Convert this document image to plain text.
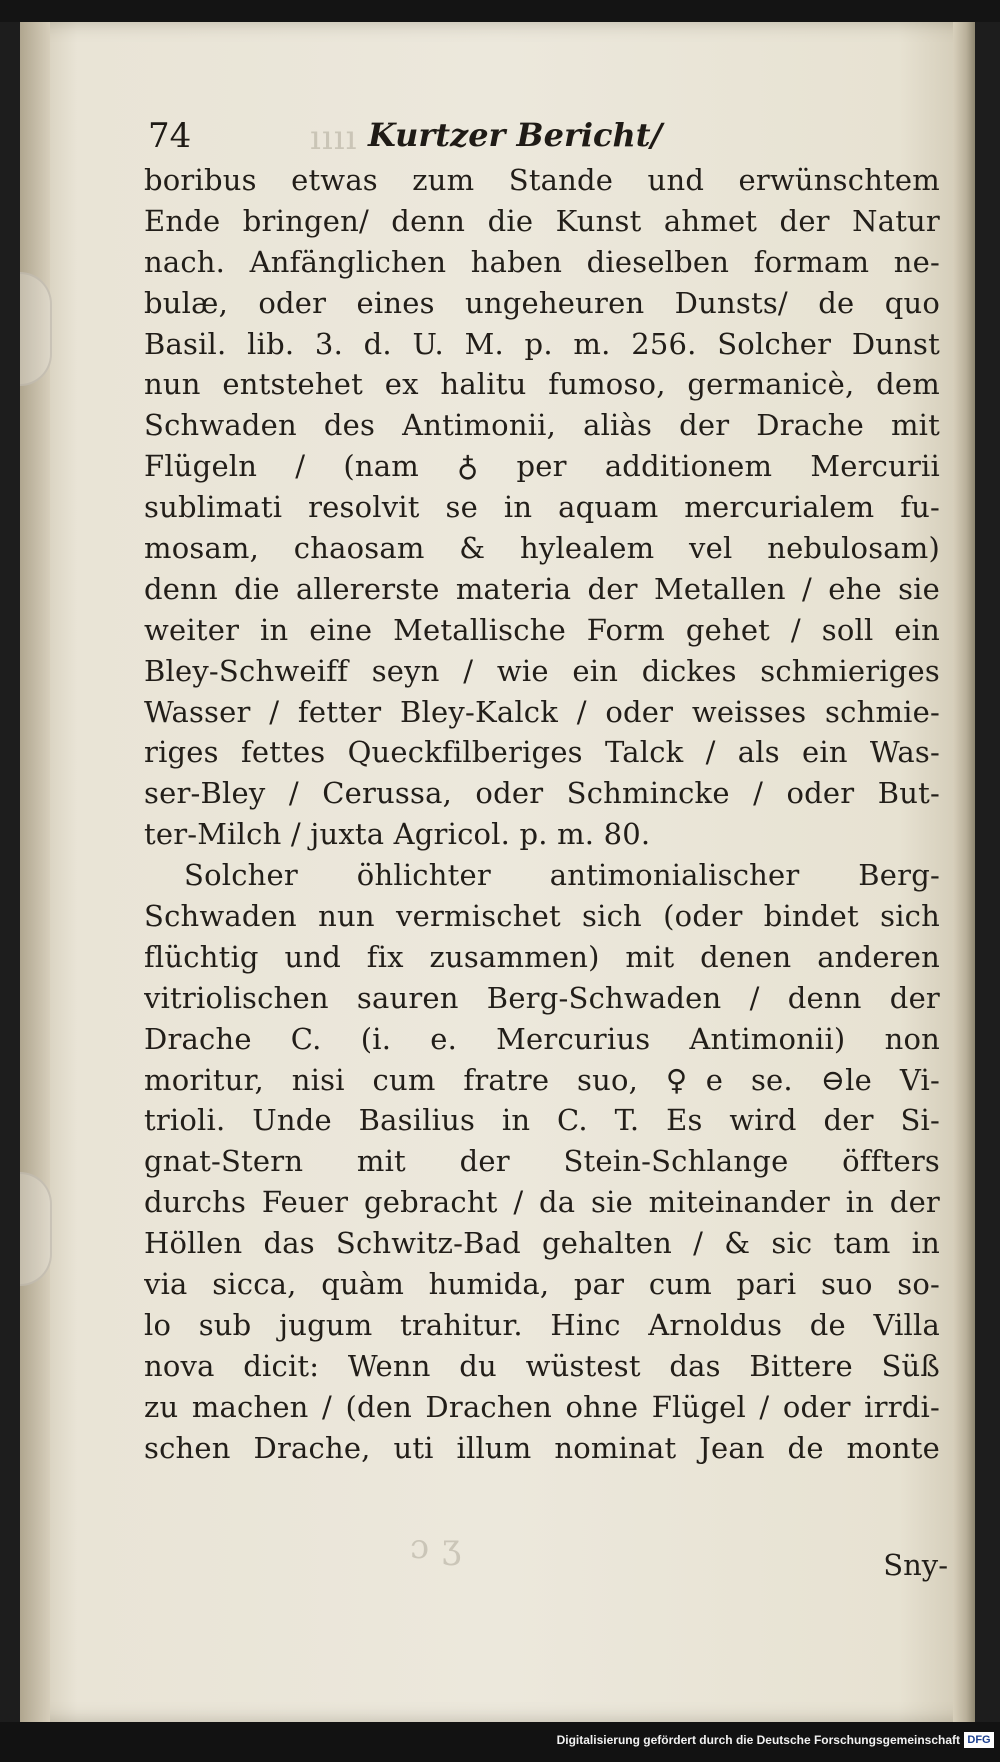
ıııı
ɔ ʒ
74	Kurtzer Bericht/
boribus etwas zum Stande und erwünschtem
Ende bringen/ denn die Kunst ahmet der Natur
nach. Anfänglichen haben dieselben formam ne-
bulæ, oder eines ungeheuren Dunsts/ de quo
Basil. lib. 3. d. U. M. p. m. 256. Solcher Dunst
nun entstehet ex halitu fumoso, germanicè, dem
Schwaden des Antimonii, aliàs der Drache mit
Flügeln / (nam ♁ per additionem Mercurii
sublimati resolvit se in aquam mercurialem fu-
mosam, chaosam & hylealem vel nebulosam)
denn die allererste materia der Metallen / ehe sie
weiter in eine Metallische Form gehet / soll ein
Bley-Schweiff seyn / wie ein dickes schmieriges
Wasser / fetter Bley-Kalck / oder weisses schmie-
riges fettes Queckfilberiges Talck / als ein Was-
ser-Bley / Cerussa, oder Schmincke / oder But-
ter-Milch / juxta Agricol. p. m. 80.
Solcher öhlichter antimonialischer Berg-
Schwaden nun vermischet sich (oder bindet sich
flüchtig und fix zusammen) mit denen anderen
vitriolischen sauren Berg-Schwaden / denn der
Drache C. (i. e. Mercurius Antimonii) non
moritur, nisi cum fratre suo, ♀e se. ⊖le Vi-
trioli. Unde Basilius in C. T. Es wird der Si-
gnat-Stern mit der Stein-Schlange öffters
durchs Feuer gebracht / da sie miteinander in der
Höllen das Schwitz-Bad gehalten / & sic tam in
via sicca, quàm humida, par cum pari suo so-
lo sub jugum trahitur. Hinc Arnoldus de Villa
nova dicit: Wenn du wüstest das Bittere Süß
zu machen / (den Drachen ohne Flügel / oder irrdi-
schen Drache, uti illum nominat Jean de monte
Sny-
Digitalisierung gefördert durch die Deutsche Forschungsgemeinschaft DFG
